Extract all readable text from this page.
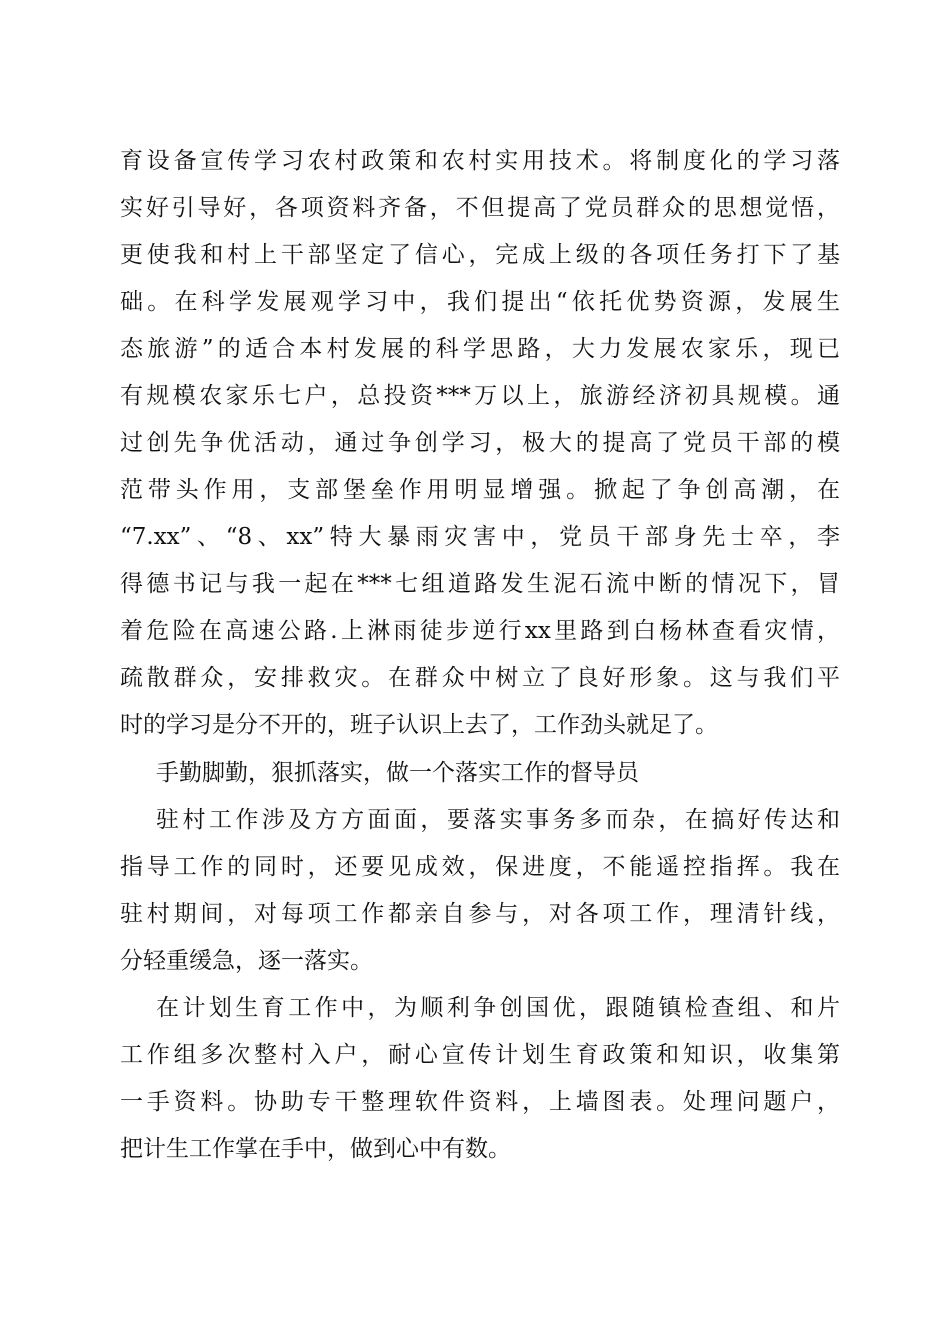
育设备宣传学习农村政策和农村实用技术。将制度化的学习落
实好引导好，各项资料齐备，不但提高了党员群众的思想觉悟，
更使我和村上干部坚定了信心，完成上级的各项任务打下了基
础。在科学发展观学习中，我们提出“依托优势资源，发展生
态旅游”的适合本村发展的科学思路，大力发展农家乐，现已
有规模农家乐七户，总投资***万以上，旅游经济初具规模。通
过创先争优活动，通过争创学习，极大的提高了党员干部的模
范带头作用，支部堡垒作用明显增强。掀起了争创高潮，在
“7.xx”、“8、xx”特大暴雨灾害中，党员干部身先士卒，李
得德书记与我一起在***七组道路发生泥石流中断的情况下，冒
着危险在高速公路.上淋雨徒步逆行xx里路到白杨林查看灾情，
疏散群众，安排救灾。在群众中树立了良好形象。这与我们平
时的学习是分不开的，班子认识上去了，工作劲头就足了。
手勤脚勤，狠抓落实，做一个落实工作的督导员
驻村工作涉及方方面面，要落实事务多而杂，在搞好传达和
指导工作的同时，还要见成效，保进度，不能遥控指挥。我在
驻村期间，对每项工作都亲自参与，对各项工作，理清针线，
分轻重缓急，逐一落实。
在计划生育工作中，为顺利争创国优，跟随镇检查组、和片
工作组多次整村入户，耐心宣传计划生育政策和知识，收集第
一手资料。协助专干整理软件资料，上墙图表。处理问题户，
把计生工作掌在手中，做到心中有数。
